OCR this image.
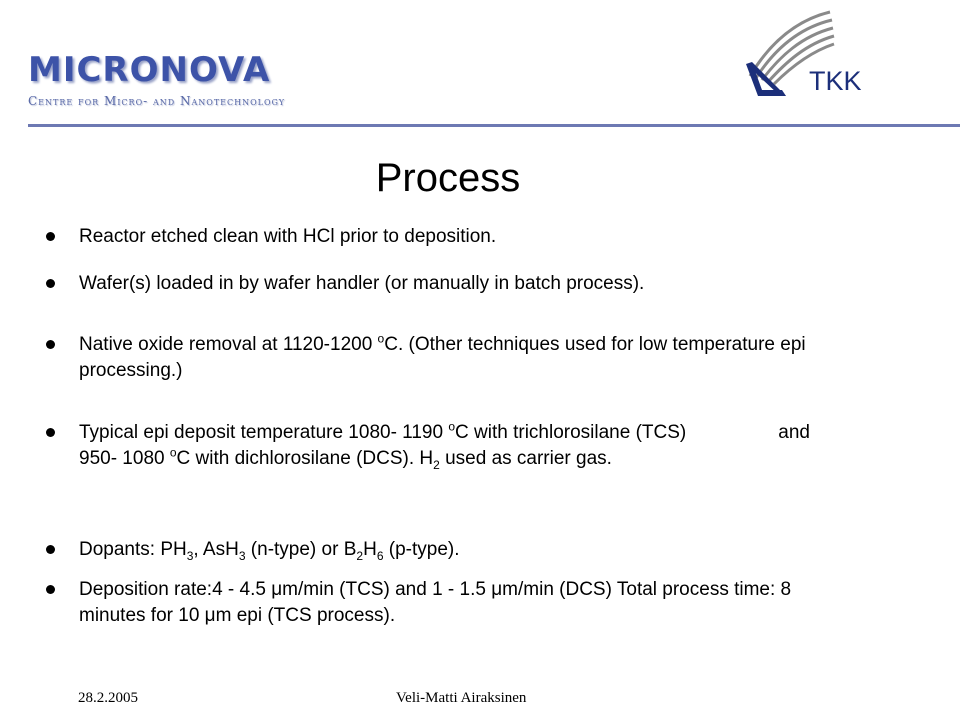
MICRONOVA
Centre for Micro- and Nanotechnology
TKK
Process
Reactor etched clean with HCl prior to deposition.
Wafer(s) loaded in by wafer handler (or manually in batch process).
Native oxide removal at 1120-1200 $^o$C. (Other techniques used for low temperature epi processing.)
Typical epi deposit temperature 1080- 1190 $^o$C with trichlorosilane (TCS)	and 950- 1080 $^o$C with dichlorosilane (DCS). $H_2$ used as carrier gas.
Dopants: $PH_3$, AsH$_3$ (n-type) or $B_2H_6$ (p-type).
Deposition rate:4 - 4.5 μm/min (TCS) and 1 - 1.5 μm/min (DCS) Total process time: 8 minutes for 10 μm epi (TCS process).
28.2.2005	Veli-Matti Airaksinen
